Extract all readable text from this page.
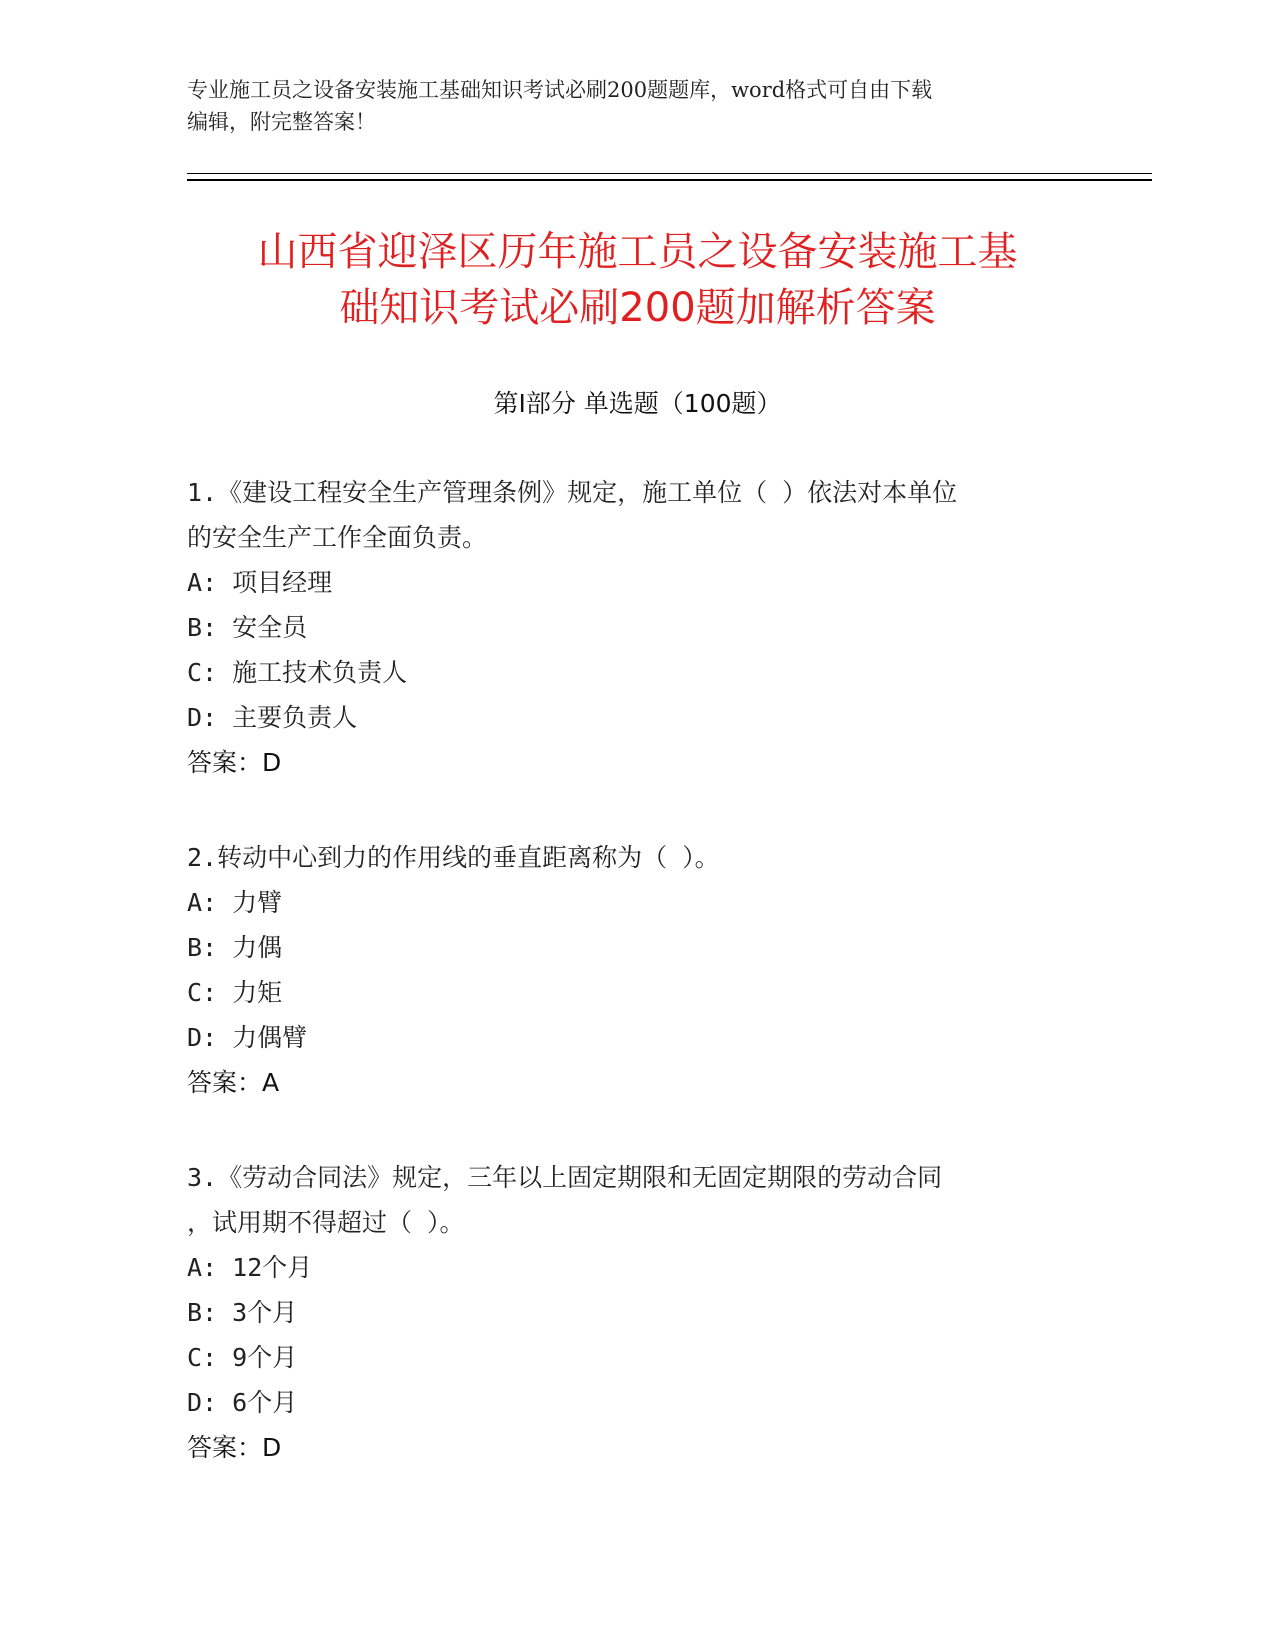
专业施工员之设备安装施工基础知识考试必刷200题题库，word格式可自由下载
编辑，附完整答案！
山西省迎泽区历年施工员之设备安装施工基
础知识考试必刷200题加解析答案
第Ⅰ部分 单选题（100题）
1.《建设工程安全生产管理条例》规定，施工单位（ ）依法对本单位
的安全生产工作全面负责。
A: 项目经理
B: 安全员
C: 施工技术负责人
D: 主要负责人
答案：D
2.转动中心到力的作用线的垂直距离称为（ ）。
A: 力臂
B: 力偶
C: 力矩
D: 力偶臂
答案：A
3.《劳动合同法》规定，三年以上固定期限和无固定期限的劳动合同
，试用期不得超过（ ）。
A: 12个月
B: 3个月
C: 9个月
D: 6个月
答案：D
